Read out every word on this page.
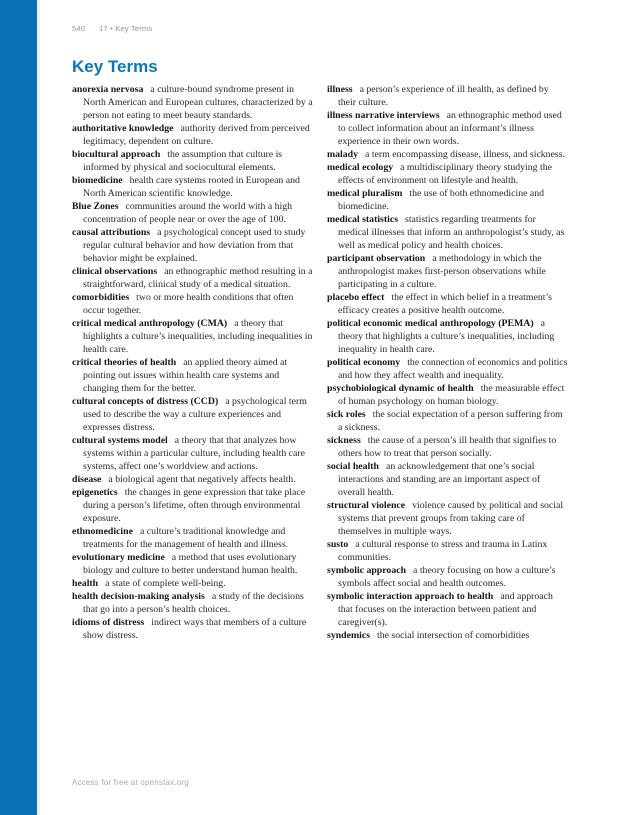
540 17 • Key Terms
Key Terms

anorexia nervosa a culture-bound syndrome present in North American and European cultures, characterized by a person not eating to meet beauty standards.

authoritative knowledge authority derived from perceived legitimacy, dependent on culture.

biocultural approach the assumption that culture is informed by physical and sociocultural elements.

biomedicine health care systems rooted in European and North American scientific knowledge.

Blue Zones communities around the world with a high concentration of people near or over the age of 100.

causal attributions a psychological concept used to study regular cultural behavior and how deviation from that behavior might be explained.

clinical observations an ethnographic method resulting in a straightforward, clinical study of a medical situation.

comorbidities two or more health conditions that often occur together.

critical medical anthropology (CMA) a theory that highlights a culture’s inequalities, including inequalities in health care.

critical theories of health an applied theory aimed at pointing out issues within health care systems and changing them for the better.

cultural concepts of distress (CCD) a psychological term used to describe the way a culture experiences and expresses distress.

cultural systems model a theory that that analyzes how systems within a particular culture, including health care systems, affect one’s worldview and actions.

disease a biological agent that negatively affects health.

epigenetics the changes in gene expression that take place during a person’s lifetime, often through environmental exposure.

ethnomedicine a culture’s traditional knowledge and treatments for the management of health and illness.

evolutionary medicine a method that uses evolutionary biology and culture to better understand human health.

health a state of complete well-being.

health decision-making analysis a study of the decisions that go into a person’s health choices.

idioms of distress indirect ways that members of a culture show distress.

illness a person’s experience of ill health, as defined by their culture.

illness narrative interviews an ethnographic method used to collect information about an informant’s illness experience in their own words.

malady a term encompassing disease, illness, and sickness.

medical ecology a multidisciplinary theory studying the effects of environment on lifestyle and health.

medical pluralism the use of both ethnomedicine and biomedicine.

medical statistics statistics regarding treatments for medical illnesses that inform an anthropologist’s study, as well as medical policy and health choices.

participant observation a methodology in which the anthropologist makes first-person observations while participating in a culture.

placebo effect the effect in which belief in a treatment’s efficacy creates a positive health outcome.

political economic medical anthropology (PEMA) a theory that highlights a culture’s inequalities, including inequality in health care.

political economy the connection of economics and politics and how they affect wealth and inequality.

psychobiological dynamic of health the measurable effect of human psychology on human biology.

sick roles the social expectation of a person suffering from a sickness.

sickness the cause of a person’s ill health that signifies to others how to treat that person socially.

social health an acknowledgement that one’s social interactions and standing are an important aspect of overall health.

structural violence violence caused by political and social systems that prevent groups from taking care of themselves in multiple ways.

susto a cultural response to stress and trauma in Latinx communities.

symbolic approach a theory focusing on how a culture’s symbols affect social and health outcomes.

symbolic interaction approach to health and approach that focuses on the interaction between patient and caregiver(s).

syndemics the social intersection of comorbidities

Access for free at openstax.org
